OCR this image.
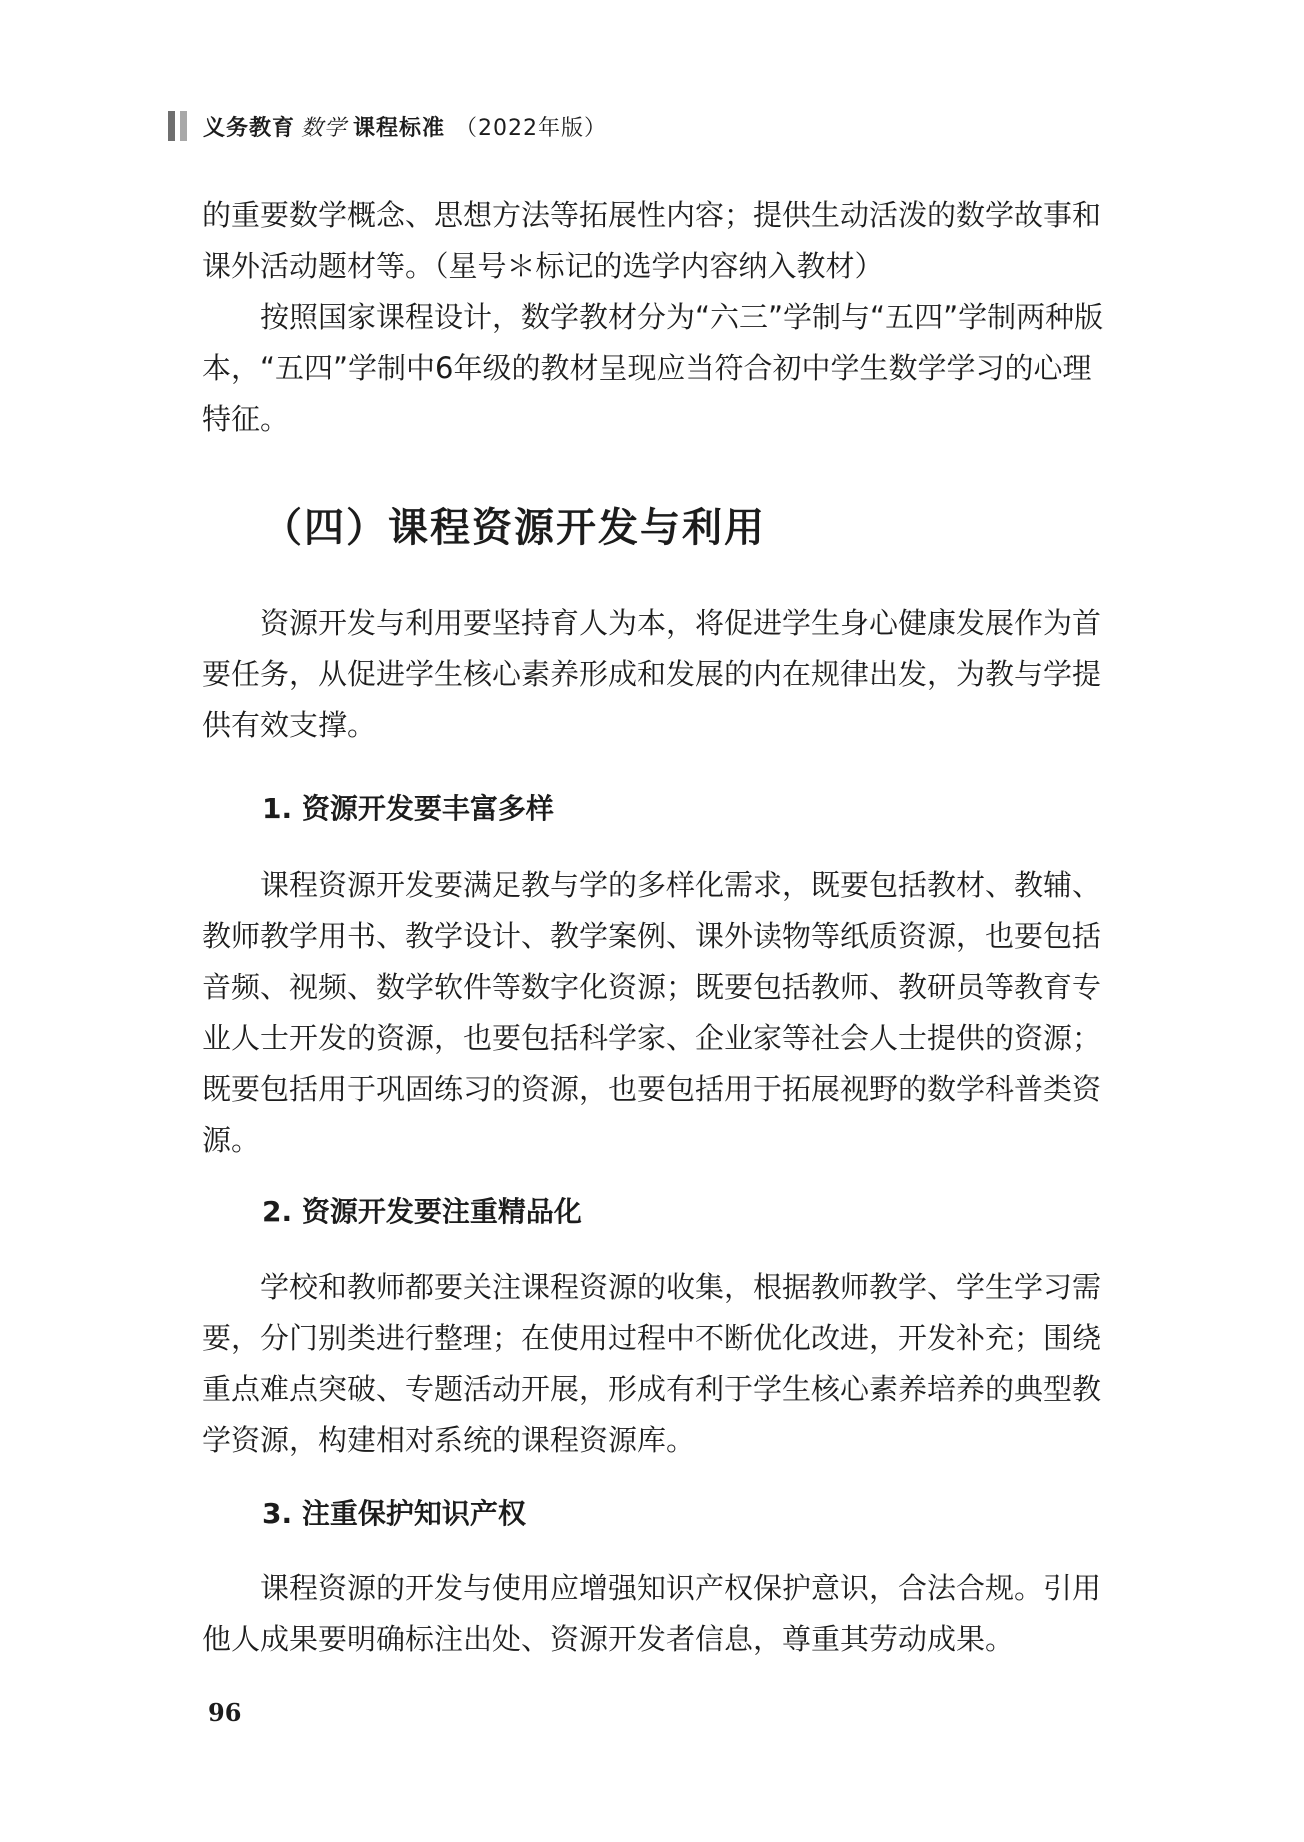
义务教育 数学 课程标准 （2022年版）

的重要数学概念、思想方法等拓展性内容；提供生动活泼的数学故事和课外活动题材等。（星号＊标记的选学内容纳入教材）

按照国家课程设计，数学教材分为“六三”学制与“五四”学制两种版本，“五四”学制中6年级的教材呈现应当符合初中学生数学学习的心理特征。

（四）课程资源开发与利用

资源开发与利用要坚持育人为本，将促进学生身心健康发展作为首要任务，从促进学生核心素养形成和发展的内在规律出发，为教与学提供有效支撑。

1. 资源开发要丰富多样

课程资源开发要满足教与学的多样化需求，既要包括教材、教辅、教师教学用书、教学设计、教学案例、课外读物等纸质资源，也要包括音频、视频、数学软件等数字化资源；既要包括教师、教研员等教育专业人士开发的资源，也要包括科学家、企业家等社会人士提供的资源；既要包括用于巩固练习的资源，也要包括用于拓展视野的数学科普类资源。

2. 资源开发要注重精品化

学校和教师都要关注课程资源的收集，根据教师教学、学生学习需要，分门别类进行整理；在使用过程中不断优化改进，开发补充；围绕重点难点突破、专题活动开展，形成有利于学生核心素养培养的典型教学资源，构建相对系统的课程资源库。

3. 注重保护知识产权

课程资源的开发与使用应增强知识产权保护意识，合法合规。引用他人成果要明确标注出处、资源开发者信息，尊重其劳动成果。

96
